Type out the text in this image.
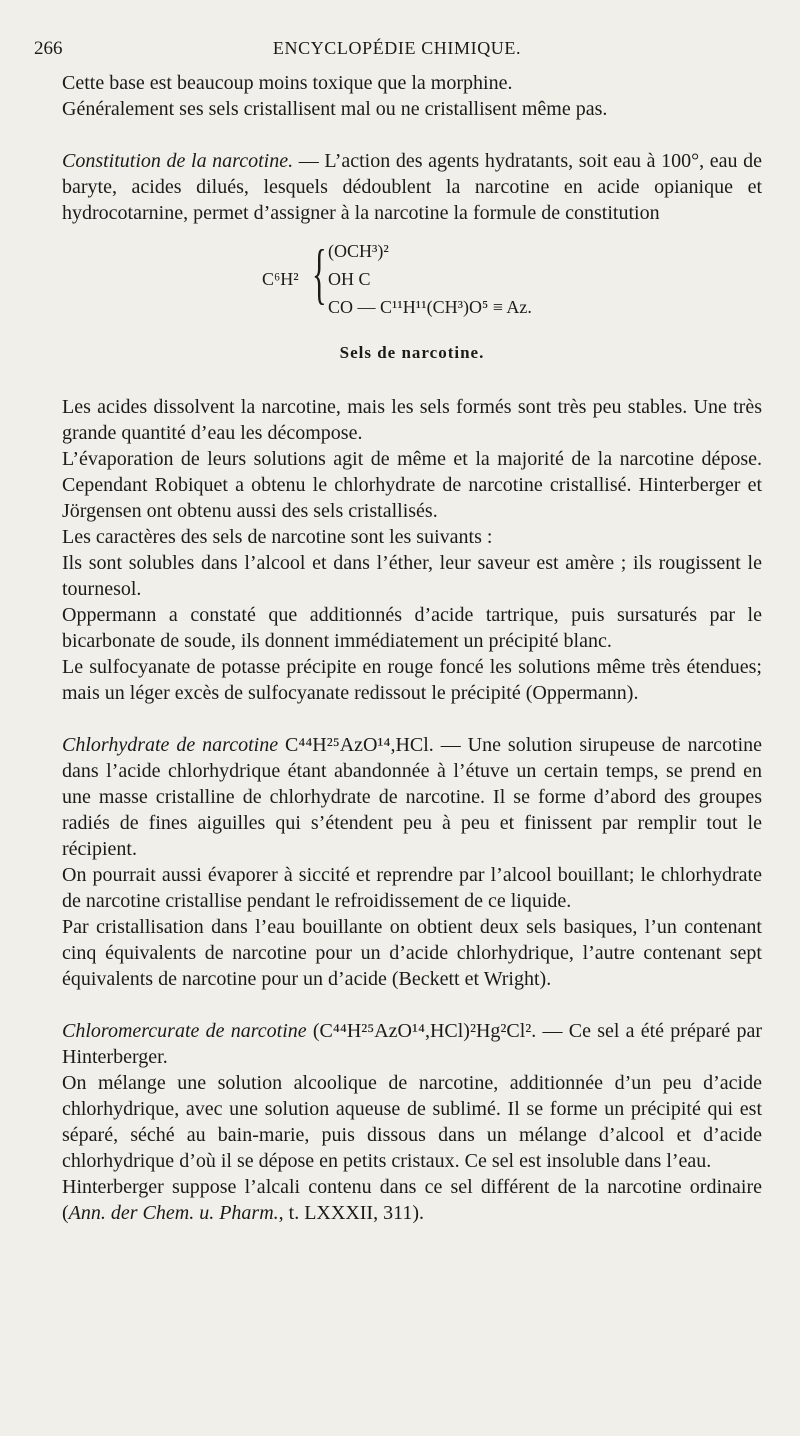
266	ENCYCLOPÉDIE CHIMIQUE.

Cette base est beaucoup moins toxique que la morphine.

Généralement ses sels cristallisent mal ou ne cristallisent même pas.

Constitution de la narcotine. — L’action des agents hydratants, soit eau à 100°, eau de baryte, acides dilués, lesquels dédoublent la narcotine en acide opianique et hydrocotarnine, permet d’assigner à la narcotine la formule de constitution

C⁶H² { (OCH³)²
OH C
CO — C¹¹H¹¹(CH³)O⁵ ≡ Az.
Sels de narcotine.

Les acides dissolvent la narcotine, mais les sels formés sont très peu stables. Une très grande quantité d’eau les décompose.

L’évaporation de leurs solutions agit de même et la majorité de la narcotine dépose. Cependant Robiquet a obtenu le chlorhydrate de narcotine cristallisé. Hinterberger et Jörgensen ont obtenu aussi des sels cristallisés.

Les caractères des sels de narcotine sont les suivants :

Ils sont solubles dans l’alcool et dans l’éther, leur saveur est amère ; ils rougissent le tournesol.

Oppermann a constaté que additionnés d’acide tartrique, puis sursaturés par le bicarbonate de soude, ils donnent immédiatement un précipité blanc.

Le sulfocyanate de potasse précipite en rouge foncé les solutions même très étendues; mais un léger excès de sulfocyanate redissout le précipité (Oppermann).

Chlorhydrate de narcotine C⁴⁴H²⁵AzO¹⁴,HCl. — Une solution sirupeuse de narcotine dans l’acide chlorhydrique étant abandonnée à l’étuve un certain temps, se prend en une masse cristalline de chlorhydrate de narcotine. Il se forme d’abord des groupes radiés de fines aiguilles qui s’étendent peu à peu et finissent par remplir tout le récipient.

On pourrait aussi évaporer à siccité et reprendre par l’alcool bouillant; le chlorhydrate de narcotine cristallise pendant le refroidissement de ce liquide.

Par cristallisation dans l’eau bouillante on obtient deux sels basiques, l’un contenant cinq équivalents de narcotine pour un d’acide chlorhydrique, l’autre contenant sept équivalents de narcotine pour un d’acide (Beckett et Wright).

Chloromercurate de narcotine (C⁴⁴H²⁵AzO¹⁴,HCl)²Hg²Cl². — Ce sel a été préparé par Hinterberger.

On mélange une solution alcoolique de narcotine, additionnée d’un peu d’acide chlorhydrique, avec une solution aqueuse de sublimé. Il se forme un précipité qui est séparé, séché au bain-marie, puis dissous dans un mélange d’alcool et d’acide chlorhydrique d’où il se dépose en petits cristaux. Ce sel est insoluble dans l’eau.

Hinterberger suppose l’alcali contenu dans ce sel différent de la narcotine ordinaire (Ann. der Chem. u. Pharm., t. LXXXII, 311).
